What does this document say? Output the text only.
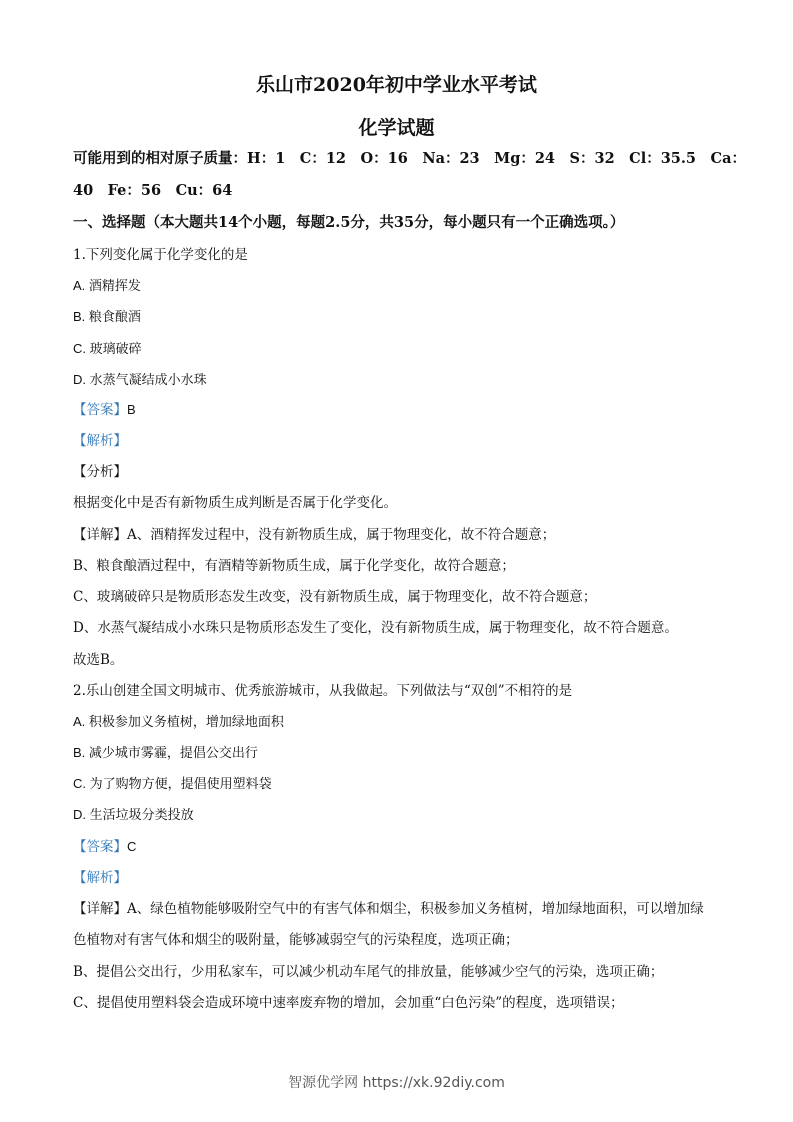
乐山市2020年初中学业水平考试
化学试题
可能用到的相对原子质量：H：1　C：12　O：16　Na：23　Mg：24　S：32　Cl：35.5　Ca：
40　Fe：56　Cu：64
一、选择题（本大题共14个小题，每题2.5分，共35分，每小题只有一个正确选项。）
1.下列变化属于化学变化的是
A. 酒精挥发
B. 粮食酿酒
C. 玻璃破碎
D. 水蒸气凝结成小水珠
【答案】B
【解析】
【分析】
根据变化中是否有新物质生成判断是否属于化学变化。
【详解】A、酒精挥发过程中，没有新物质生成，属于物理变化，故不符合题意；
B、粮食酿酒过程中，有酒精等新物质生成，属于化学变化，故符合题意；
C、玻璃破碎只是物质形态发生改变，没有新物质生成，属于物理变化，故不符合题意；
D、水蒸气凝结成小水珠只是物质形态发生了变化，没有新物质生成，属于物理变化，故不符合题意。
故选B。
2.乐山创建全国文明城市、优秀旅游城市，从我做起。下列做法与“双创”不相符的是
A. 积极参加义务植树，增加绿地面积
B. 减少城市雾霾，提倡公交出行
C. 为了购物方便，提倡使用塑料袋
D. 生活垃圾分类投放
【答案】C
【解析】
【详解】A、绿色植物能够吸附空气中的有害气体和烟尘，积极参加义务植树，增加绿地面积，可以增加绿
色植物对有害气体和烟尘的吸附量，能够减弱空气的污染程度，选项正确；
B、提倡公交出行，少用私家车，可以减少机动车尾气的排放量，能够减少空气的污染，选项正确；
C、提倡使用塑料袋会造成环境中速率废弃物的增加，会加重“白色污染”的程度，选项错误；
智源优学网 https://xk.92diy.com
